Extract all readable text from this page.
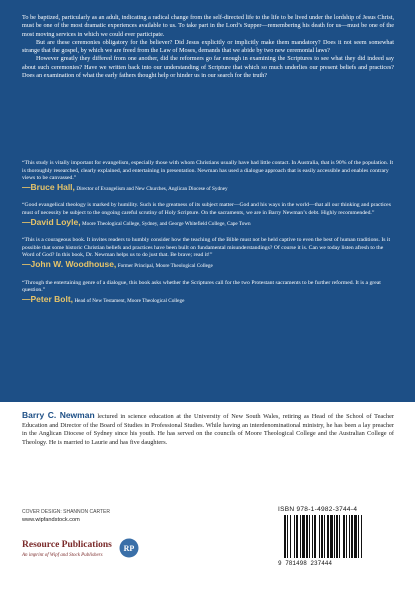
To be baptized, particularly as an adult, indicating a radical change from the self-directed life to the life to be lived under the lordship of Jesus Christ, must be one of the most dramatic experiences available to us. To take part in the Lord’s Supper—remembering his death for us—must be one of the most moving services in which we could ever participate.

But are these ceremonies obligatory for the believer? Did Jesus explicitly or implicitly make them mandatory? Does it not seem somewhat strange that the gospel, by which we are freed from the Law of Moses, demands that we abide by two new ceremonial laws?

However greatly they differed from one another, did the reformers go far enough in examining the Scriptures to see what they did indeed say about such ceremonies? Have we written back into our understanding of Scripture that which so much underlies our present beliefs and practices? Does an examination of what the early fathers thought help or hinder us in our search for the truth?

“This study is vitally important for evangelism, especially those with whom Christians usually have had little contact. In Australia, that is 90% of the population. It is thoroughly researched, clearly explained, and entertaining in presentation. Newman has used a dialogue approach that is easily accessible and enables contrary views to be canvassed.”
—Bruce Hall, Director of Evangelism and New Churches, Anglican Diocese of Sydney
“Good evangelical theology is marked by humility. Such is the greatness of its subject matter—God and his ways in the world—that all our thinking and practices must of necessity be subject to the ongoing careful scrutiny of Holy Scripture. On the sacraments, we are in Barry Newman’s debt. Highly recommended.”
—David Loyle, Moore Theological College, Sydney, and George Whitefield College, Cape Town
“This is a courageous book. It invites readers to humbly consider how the teaching of the Bible must not be held captive to even the best of human traditions. Is it possible that some historic Christian beliefs and practices have been built on fundamental misunderstandings? Of course it is. Can we today listen afresh to the Word of God? In this book, Dr. Newman helps us to do just that. Be brave; read it!”
—John W. Woodhouse, Former Principal, Moore Theological College
“Through the entertaining genre of a dialogue, this book asks whether the Scriptures call for the two Protestant sacraments to be further reformed. It is a great question.”
—Peter Bolt, Head of New Testament, Moore Theological College
Barry C. Newman lectured in science education at the University of New South Wales, retiring as Head of the School of Teacher Education and Director of the Board of Studies in Professional Studies. While having an interdenominational ministry, he has been a lay preacher in the Anglican Diocese of Sydney since his youth. He has served on the councils of Moore Theological College and the Australian College of Theology. He is married to Laurie and has five daughters.
COVER DESIGN: SHANNON CARTER
www.wipfandstock.com
Resource Publications
An imprint of Wipf and Stock Publishers
RP
ISBN 978-1-4982-3744-4
9 781498 237444
